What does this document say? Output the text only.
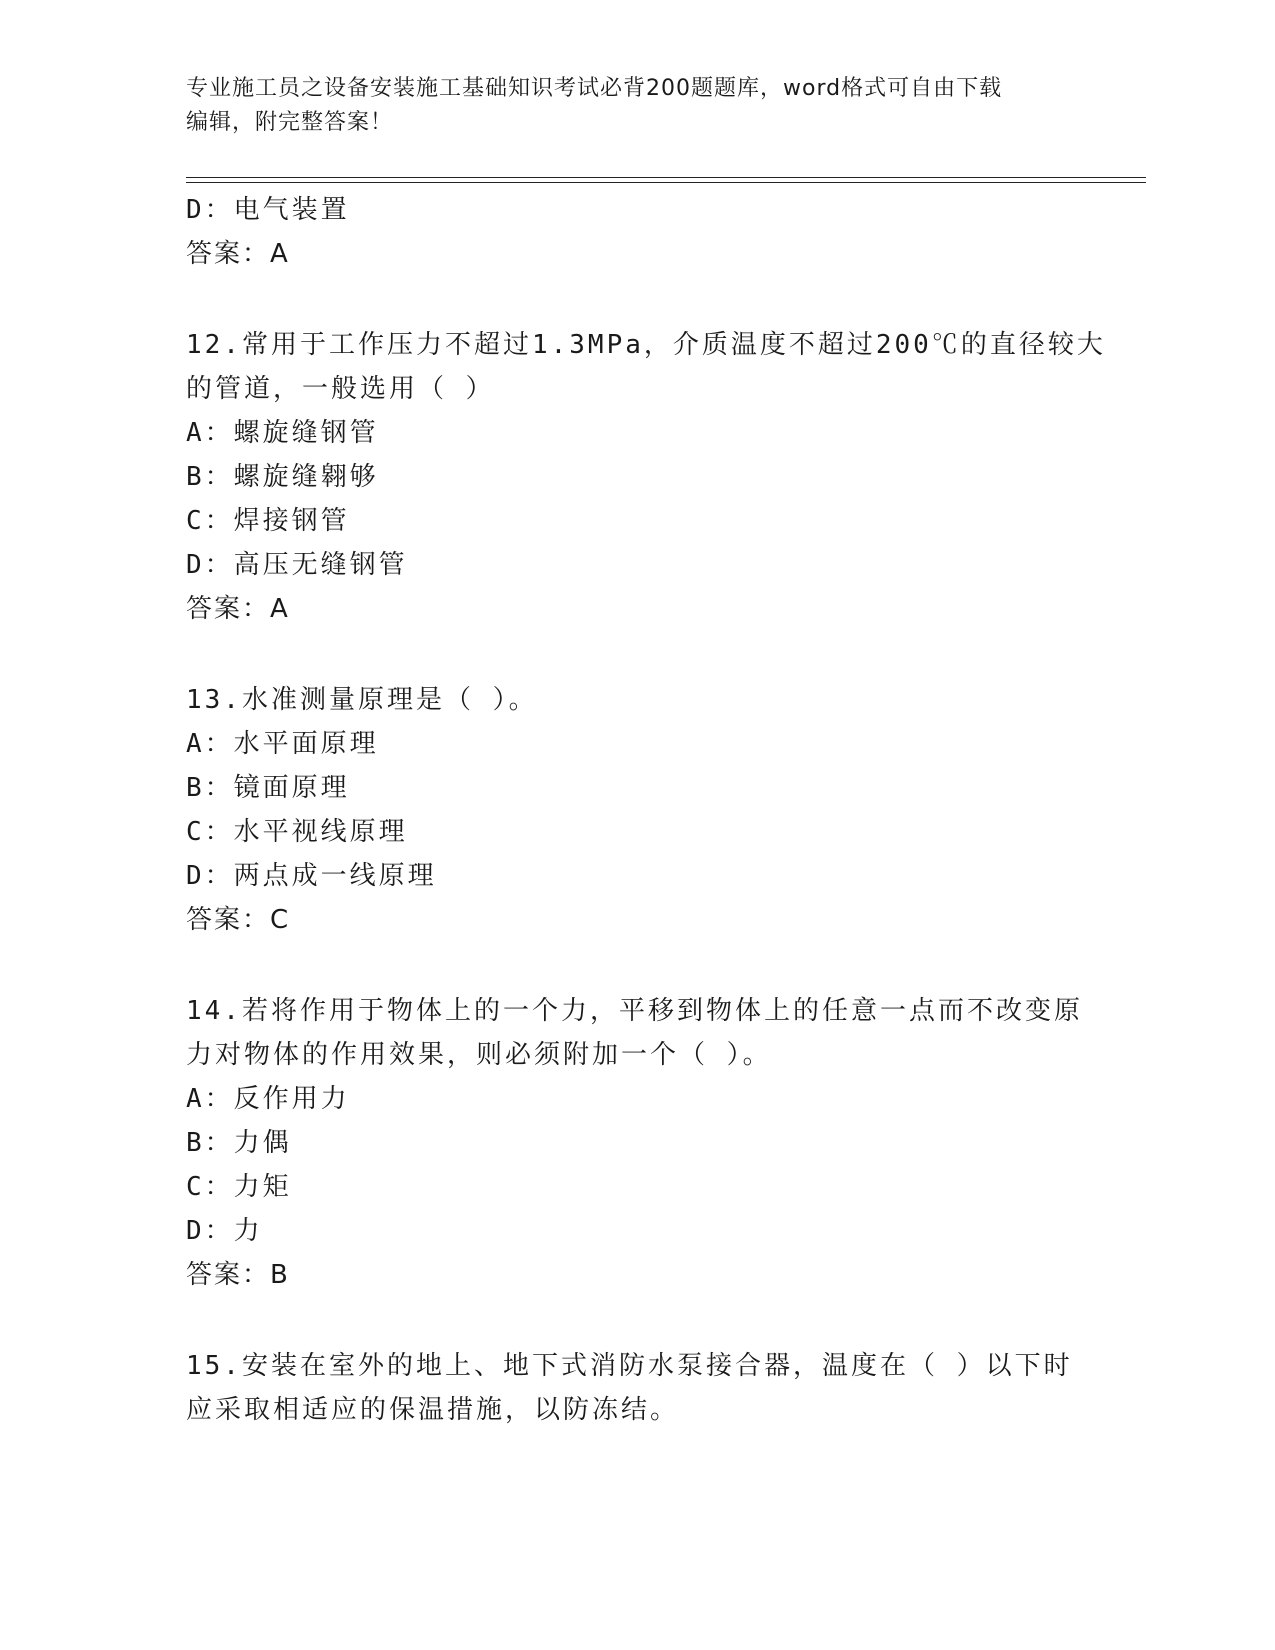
专业施工员之设备安装施工基础知识考试必背200题题库，word格式可自由下载
编辑，附完整答案！
D：电气装置
答案：A
12.常用于工作压力不超过1.3MPa，介质温度不超过200℃的直径较大
的管道，一般选用（ ）
A：螺旋缝钢管
B：螺旋缝翱够
C：焊接钢管
D：高压无缝钢管
答案：A
13.水准测量原理是（ ）。
A：水平面原理
B：镜面原理
C：水平视线原理
D：两点成一线原理
答案：C
14.若将作用于物体上的一个力，平移到物体上的任意一点而不改变原
力对物体的作用效果，则必须附加一个（ ）。
A：反作用力
B：力偶
C：力矩
D：力
答案：B
15.安装在室外的地上、地下式消防水泵接合器，温度在（ ）以下时
应采取相适应的保温措施，以防冻结。
